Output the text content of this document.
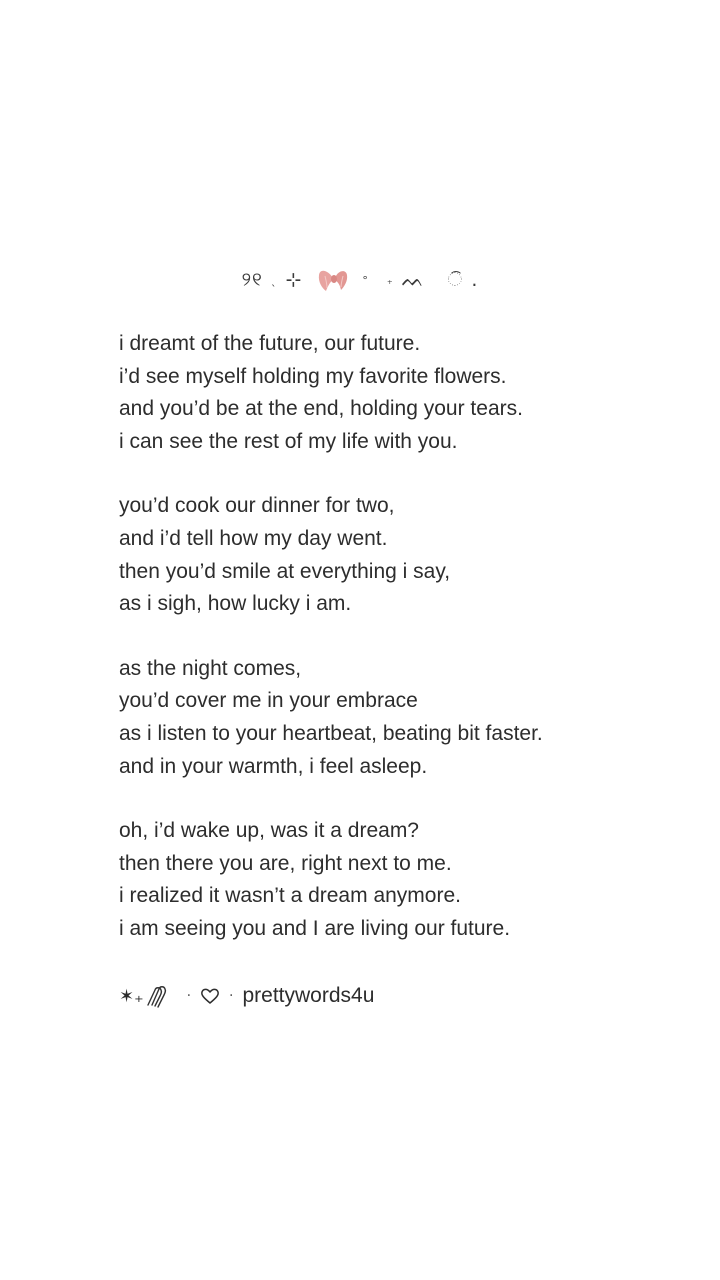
୨୧ ˎ ⊹	° ₊ ᨓ ି .
i dreamt of the future, our future.
i’d see myself holding my favorite flowers.
and you’d be at the end, holding your tears.
i can see the rest of my life with you.
you’d cook our dinner for two,
and i’d tell how my day went.
then you’d smile at everything i say,
as i sigh, how lucky i am.
as the night comes,
you’d cover me in your embrace
as i listen to your heartbeat, beating bit faster.
and in your warmth, i feel asleep.
oh, i’d wake up, was it a dream?
then there you are, right next to me.
i realized it wasn’t a dream anymore.
i am seeing you and I are living our future.
✶₊	·	· prettywords4u
